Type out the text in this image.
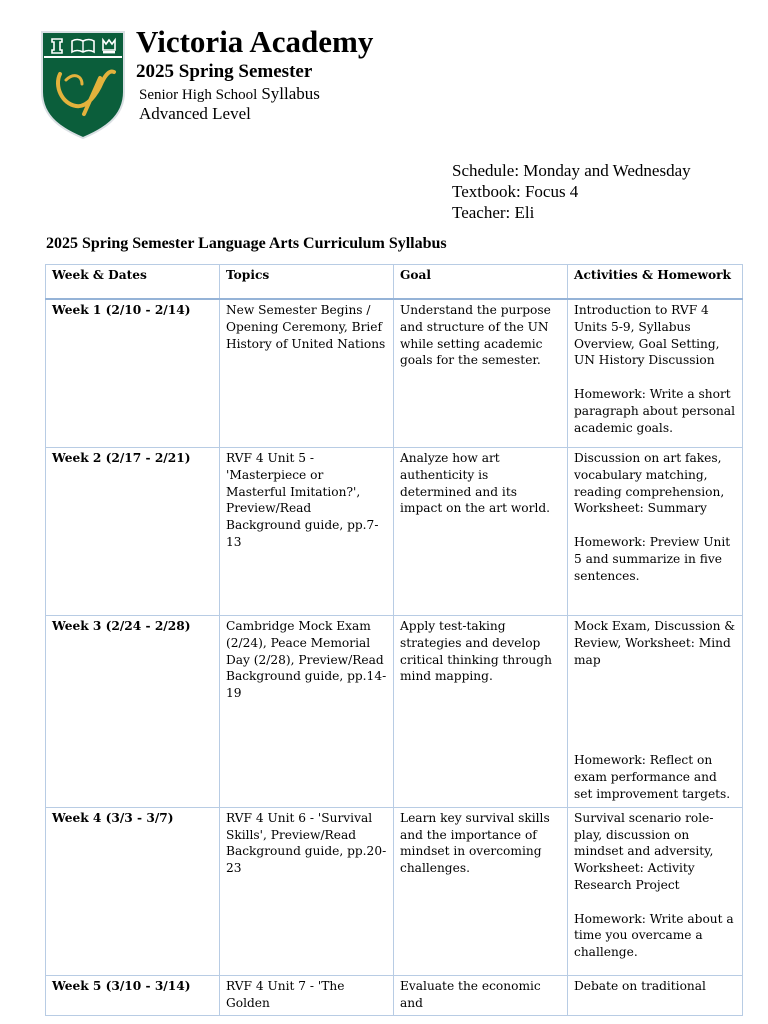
Victoria Academy
2025 Spring Semester
Senior High School Syllabus
Advanced Level
Schedule: Monday and Wednesday
Textbook: Focus 4
Teacher: Eli
2025 Spring Semester Language Arts Curriculum Syllabus
Week & Dates	Topics	Goal	Activities & Homework
Week 1 (2/10 - 2/14)	New Semester Begins / Opening Ceremony, Brief History of United Nations	Understand the purpose and structure of the UN while setting academic goals for the semester.	Introduction to RVF 4 Units 5-9, Syllabus Overview, Goal Setting, UN History Discussion

Homework: Write a short paragraph about personal academic goals.

Week 2 (2/17 - 2/21)	RVF 4 Unit 5 - 'Masterpiece or Masterful Imitation?', Preview/Read Background guide, pp.7-13	Analyze how art authenticity is determined and its impact on the art world.	Discussion on art fakes, vocabulary matching, reading comprehension, Worksheet: Summary

Homework: Preview Unit 5 and summarize in five sentences.

Week 3 (2/24 - 2/28)	Cambridge Mock Exam (2/24), Peace Memorial Day (2/28), Preview/Read Background guide, pp.14-19	Apply test-taking strategies and develop critical thinking through mind mapping.	Mock Exam, Discussion & Review, Worksheet: Mind map

Homework: Reflect on exam performance and set improvement targets.

Week 4 (3/3 - 3/7)	RVF 4 Unit 6 - 'Survival Skills', Preview/Read Background guide, pp.20-23	Learn key survival skills and the importance of mindset in overcoming challenges.	Survival scenario role-play, discussion on mindset and adversity, Worksheet: Activity Research Project

Homework: Write about a time you overcame a challenge.

Week 5 (3/10 - 3/14)	RVF 4 Unit 7 - 'The Golden	Evaluate the economic and	Debate on traditional
